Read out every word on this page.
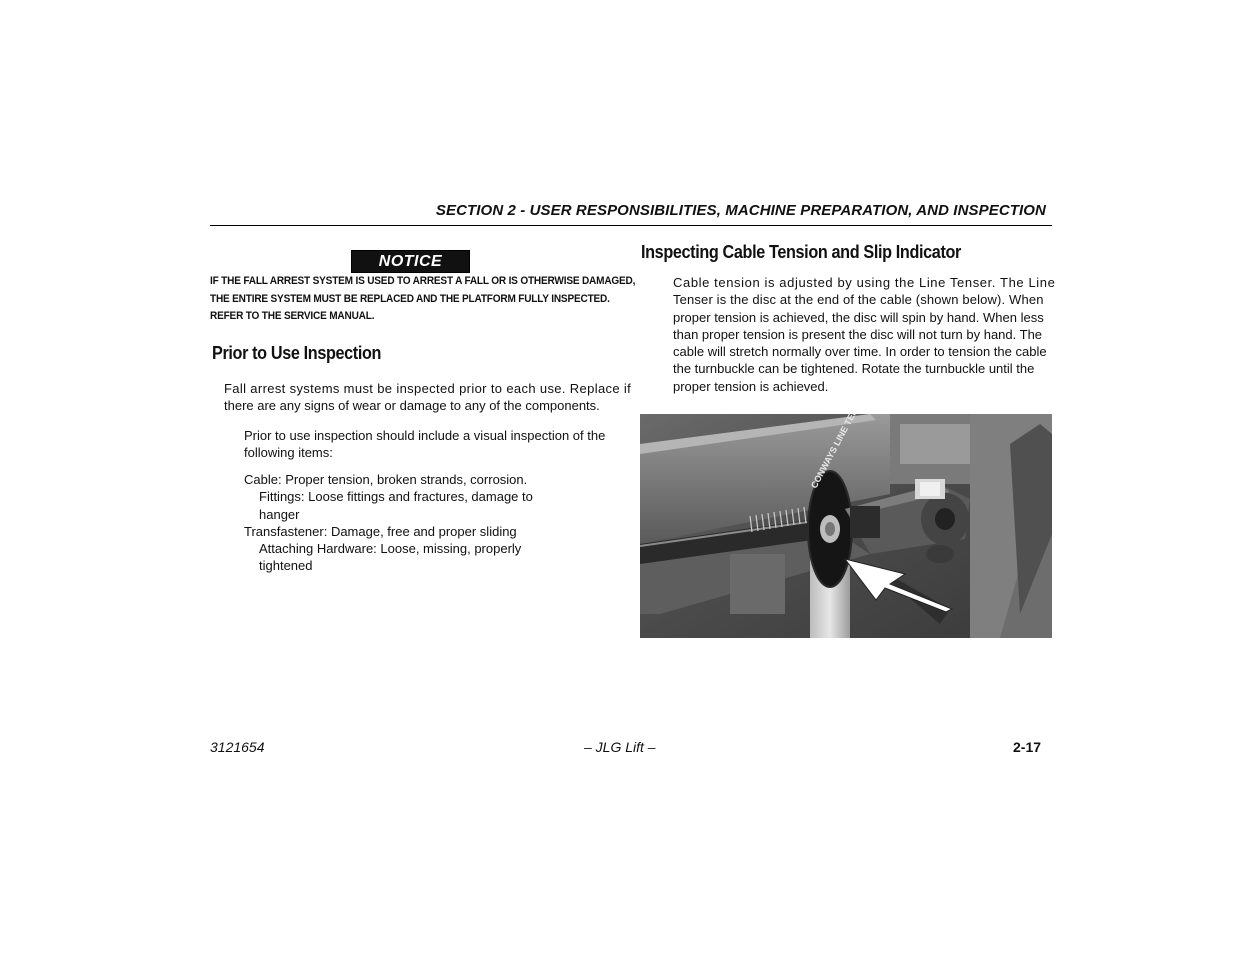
SECTION 2 - USER RESPONSIBILITIES, MACHINE PREPARATION, AND INSPECTION
NOTICE
IF THE FALL ARREST SYSTEM IS USED TO ARREST A FALL OR IS OTHERWISE DAMAGED,
THE ENTIRE SYSTEM MUST BE REPLACED AND THE PLATFORM FULLY INSPECTED.
REFER TO THE SERVICE MANUAL.
Prior to Use Inspection
Fall arrest systems must be inspected prior to each use. Replace if
there are any signs of wear or damage to any of the components.
Prior to use inspection should include a visual inspection of the
following items:
Cable: Proper tension, broken strands, corrosion.
Fittings: Loose fittings and fractures, damage to
hanger
Transfastener: Damage, free and proper sliding
Attaching Hardware: Loose, missing, properly
tightened
Inspecting Cable Tension and Slip Indicator
Cable tension is adjusted by using the Line Tenser. The Line
Tenser is the disc at the end of the cable (shown below). When
proper tension is achieved, the disc will spin by hand. When less
than proper tension is present the disc will not turn by hand. The
cable will stretch normally over time. In order to tension the cable
the turnbuckle can be tightened. Rotate the turnbuckle until the
proper tension is achieved.
3121654	– JLG Lift –	2-17
